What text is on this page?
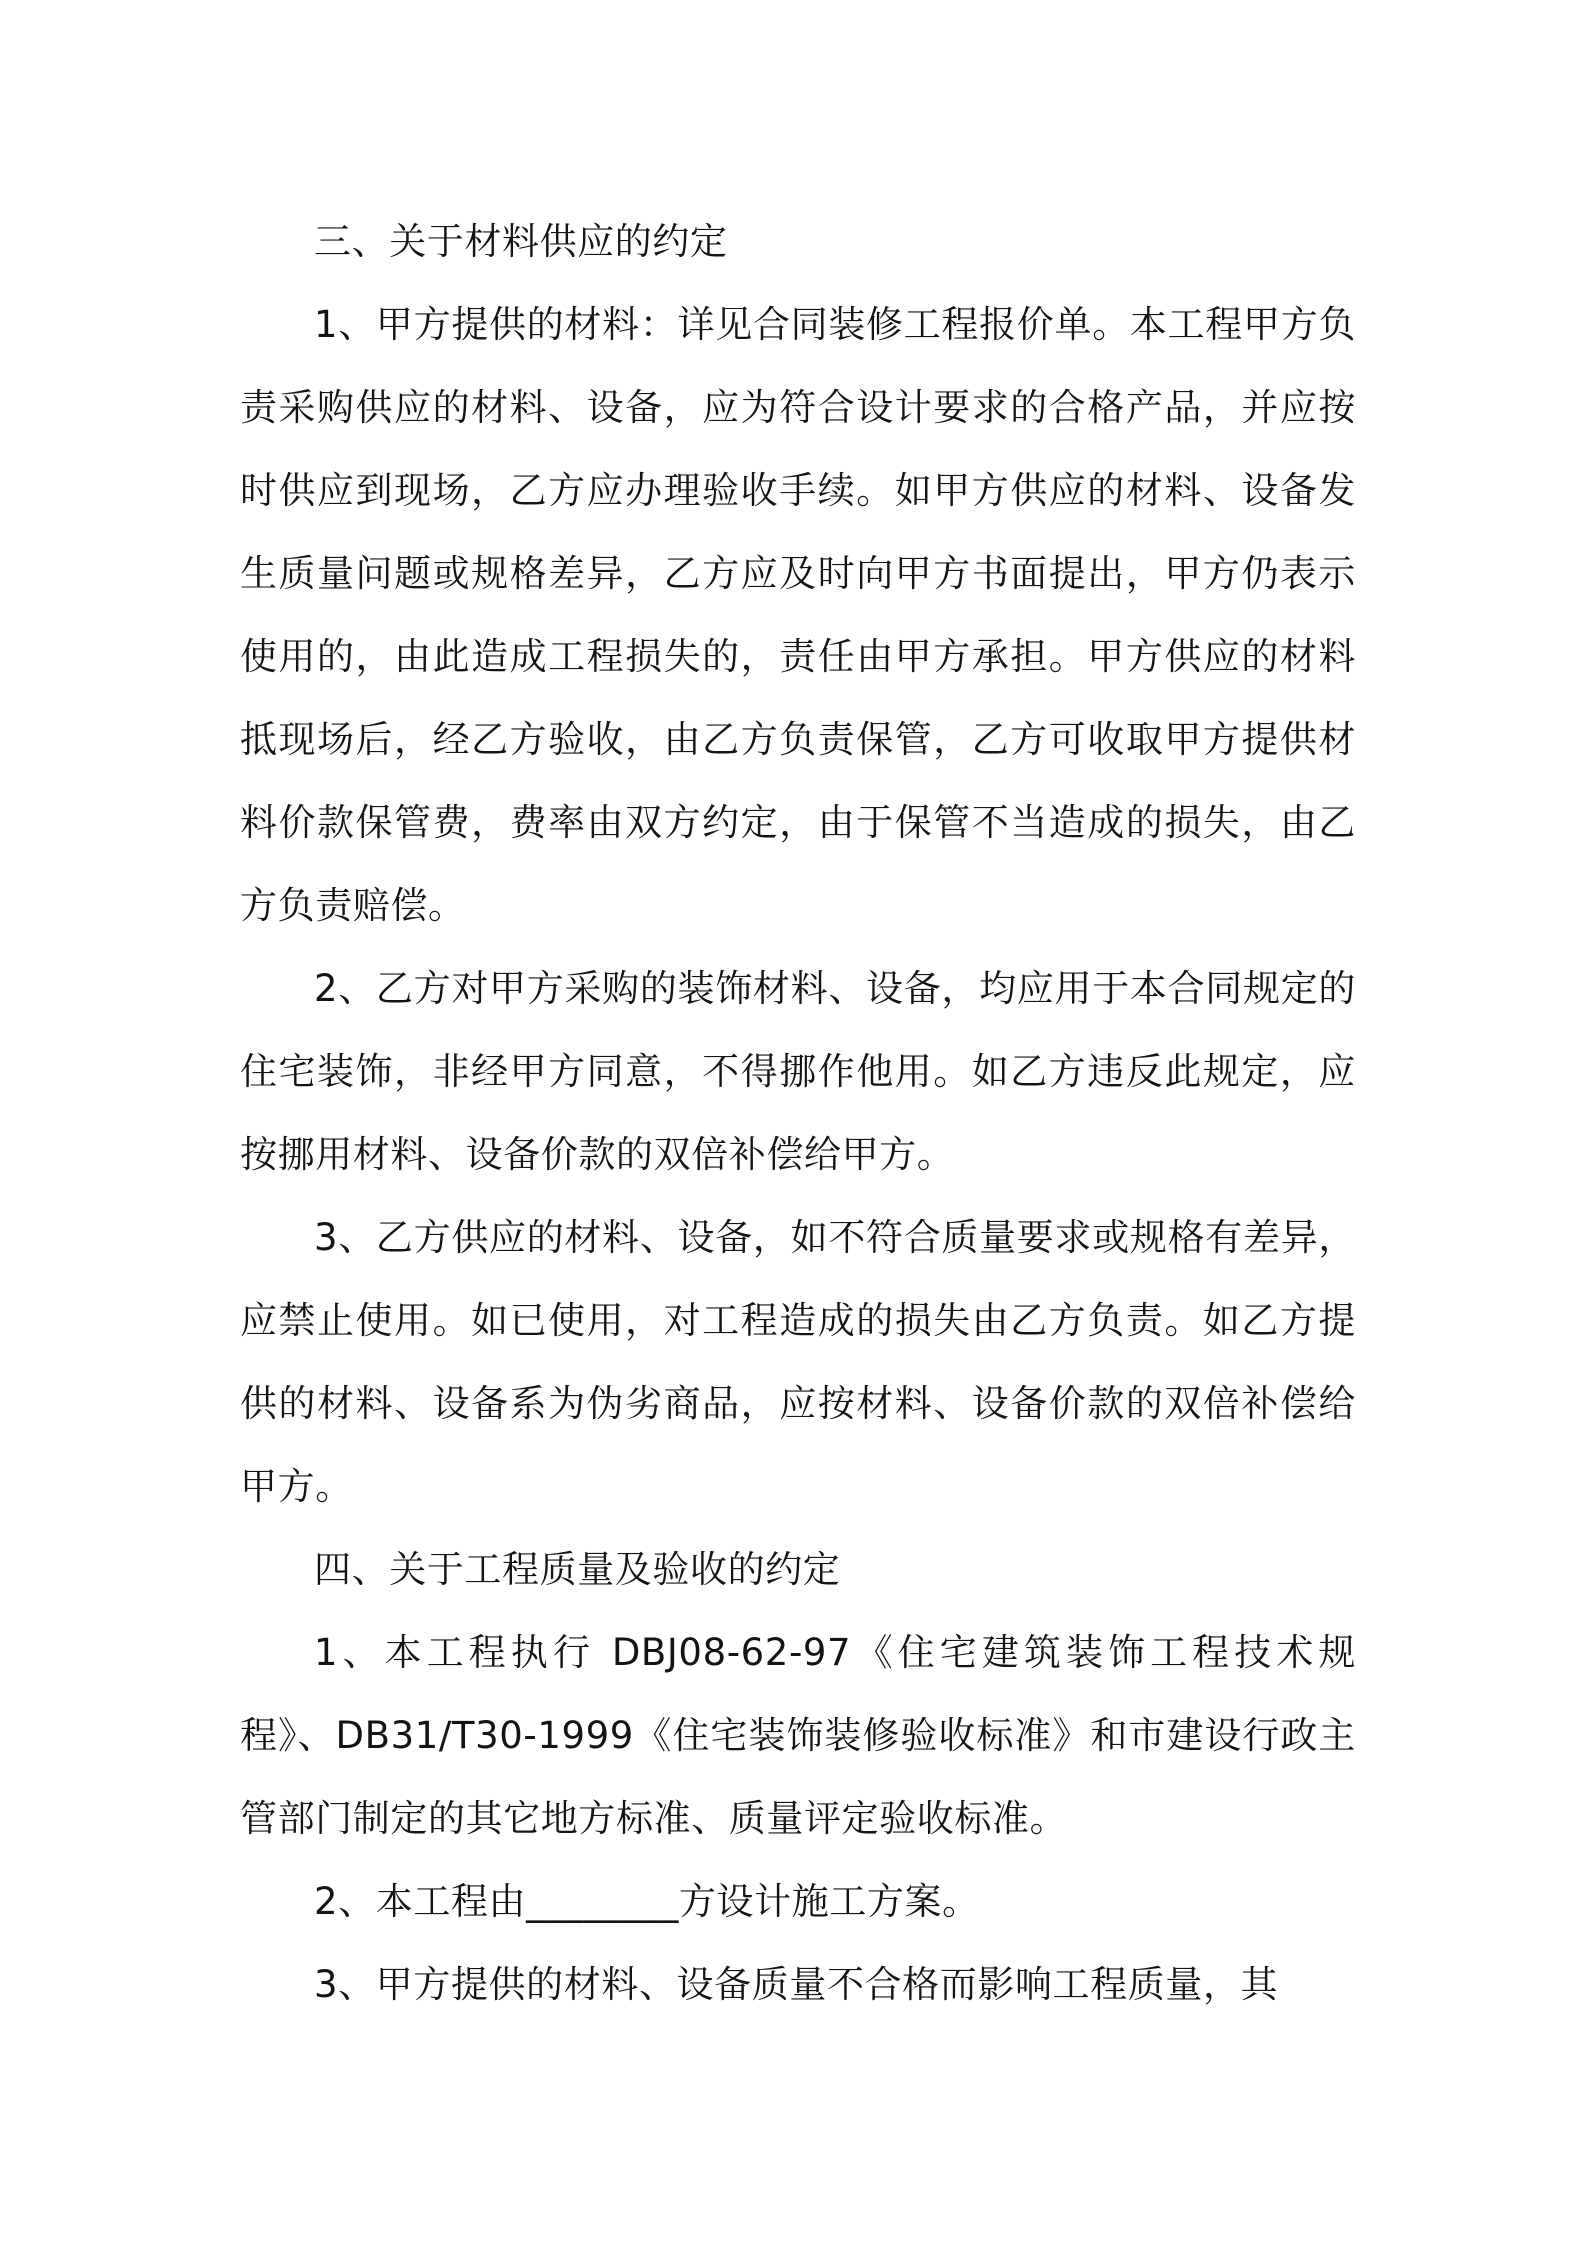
三、关于材料供应的约定

1、甲方提供的材料：详见合同装修工程报价单。本工程甲方负责采购供应的材料、设备，应为符合设计要求的合格产品，并应按时供应到现场，乙方应办理验收手续。如甲方供应的材料、设备发生质量问题或规格差异，乙方应及时向甲方书面提出，甲方仍表示使用的，由此造成工程损失的，责任由甲方承担。甲方供应的材料抵现场后，经乙方验收，由乙方负责保管，乙方可收取甲方提供材料价款保管费，费率由双方约定，由于保管不当造成的损失，由乙方负责赔偿。

2、乙方对甲方采购的装饰材料、设备，均应用于本合同规定的住宅装饰，非经甲方同意，不得挪作他用。如乙方违反此规定，应按挪用材料、设备价款的双倍补偿给甲方。

3、乙方供应的材料、设备，如不符合质量要求或规格有差异，应禁止使用。如已使用，对工程造成的损失由乙方负责。如乙方提供的材料、设备系为伪劣商品，应按材料、设备价款的双倍补偿给甲方。

四、关于工程质量及验收的约定

1、本工程执行 DBJ08-62-97《住宅建筑装饰工程技术规程》、DB31/T30-1999《住宅装饰装修验收标准》和市建设行政主管部门制定的其它地方标准、质量评定验收标准。

2、本工程由________方设计施工方案。

3、甲方提供的材料、设备质量不合格而影响工程质量，其
